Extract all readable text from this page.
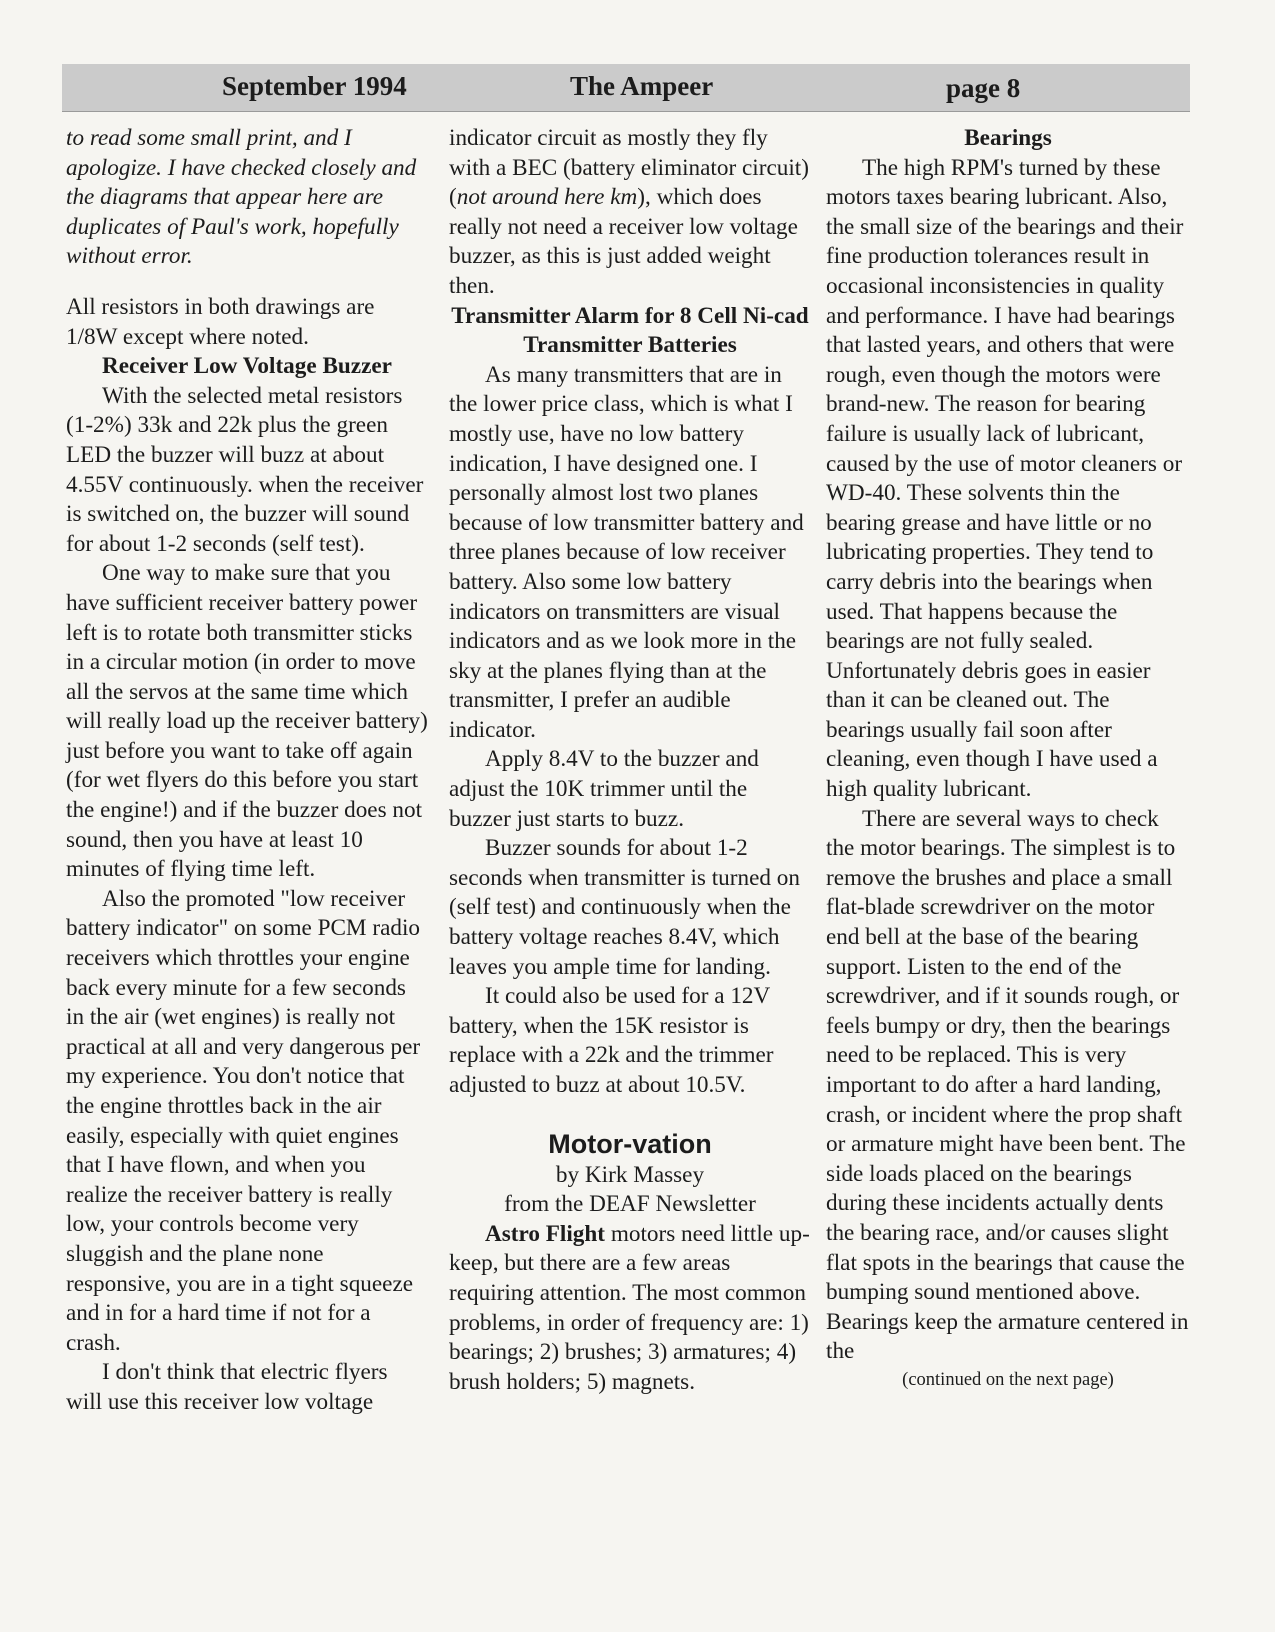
September 1994	The Ampeer	page 8

to read some small print, and I apologize. I have checked closely and the diagrams that appear here are duplicates of Paul's work, hopefully without error.

All resistors in both drawings are 1/8W except where noted.

Receiver Low Voltage Buzzer

With the selected metal resistors (1-2%) 33k and 22k plus the green LED the buzzer will buzz at about 4.55V continuously. when the receiver is switched on, the buzzer will sound for about 1-2 seconds (self test).

One way to make sure that you have sufficient receiver battery power left is to rotate both transmitter sticks in a circular motion (in order to move all the servos at the same time which will really load up the receiver battery) just before you want to take off again (for wet flyers do this before you start the engine!) and if the buzzer does not sound, then you have at least 10 minutes of flying time left.

Also the promoted "low receiver battery indicator" on some PCM radio receivers which throttles your engine back every minute for a few seconds in the air (wet engines) is really not practical at all and very dangerous per my experience. You don't notice that the engine throttles back in the air easily, especially with quiet engines that I have flown, and when you realize the receiver battery is really low, your controls become very sluggish and the plane none responsive, you are in a tight squeeze and in for a hard time if not for a crash.

I don't think that electric flyers will use this receiver low voltage

indicator circuit as mostly they fly with a BEC (battery eliminator circuit) (not around here km), which does really not need a receiver low voltage buzzer, as this is just added weight then.

Transmitter Alarm for 8 Cell Ni-cad Transmitter Batteries

As many transmitters that are in the lower price class, which is what I mostly use, have no low battery indication, I have designed one. I personally almost lost two planes because of low transmitter battery and three planes because of low receiver battery. Also some low battery indicators on transmitters are visual indicators and as we look more in the sky at the planes flying than at the transmitter, I prefer an audible indicator.

Apply 8.4V to the buzzer and adjust the 10K trimmer until the buzzer just starts to buzz.

Buzzer sounds for about 1-2 seconds when transmitter is turned on (self test) and continuously when the battery voltage reaches 8.4V, which leaves you ample time for landing.

It could also be used for a 12V battery, when the 15K resistor is replace with a 22k and the trimmer adjusted to buzz at about 10.5V.

Motor-vation

by Kirk Massey

from the DEAF Newsletter

Astro Flight motors need little up-keep, but there are a few areas requiring attention. The most common problems, in order of frequency are: 1) bearings; 2) brushes; 3) armatures; 4) brush holders; 5) magnets.

Bearings

The high RPM's turned by these motors taxes bearing lubricant. Also, the small size of the bearings and their fine production tolerances result in occasional inconsistencies in quality and performance. I have had bearings that lasted years, and others that were rough, even though the motors were brand-new. The reason for bearing failure is usually lack of lubricant, caused by the use of motor cleaners or WD-40. These solvents thin the bearing grease and have little or no lubricating properties. They tend to carry debris into the bearings when used. That happens because the bearings are not fully sealed. Unfortunately debris goes in easier than it can be cleaned out. The bearings usually fail soon after cleaning, even though I have used a high quality lubricant.

There are several ways to check the motor bearings. The simplest is to remove the brushes and place a small flat-blade screwdriver on the motor end bell at the base of the bearing support. Listen to the end of the screwdriver, and if it sounds rough, or feels bumpy or dry, then the bearings need to be replaced. This is very important to do after a hard landing, crash, or incident where the prop shaft or armature might have been bent. The side loads placed on the bearings during these incidents actually dents the bearing race, and/or causes slight flat spots in the bearings that cause the bumping sound mentioned above. Bearings keep the armature centered in the

(continued on the next page)
